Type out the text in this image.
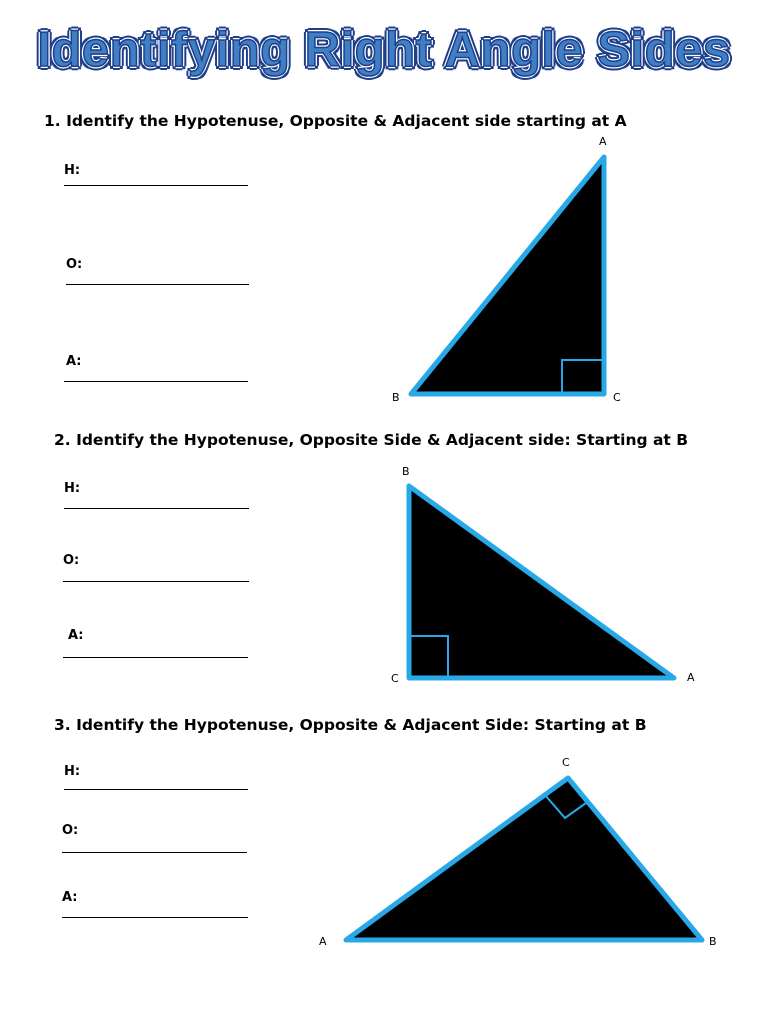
Identifying Right Angle Sides
1. Identify the Hypotenuse, Opposite & Adjacent side starting at A
H:
O:
A:
A
B	C
2. Identify the Hypotenuse, Opposite Side & Adjacent side: Starting at B
H:
O:
A:
B
C	A
3. Identify the Hypotenuse, Opposite & Adjacent Side: Starting at B
H:
O:
A:
C
A	B
